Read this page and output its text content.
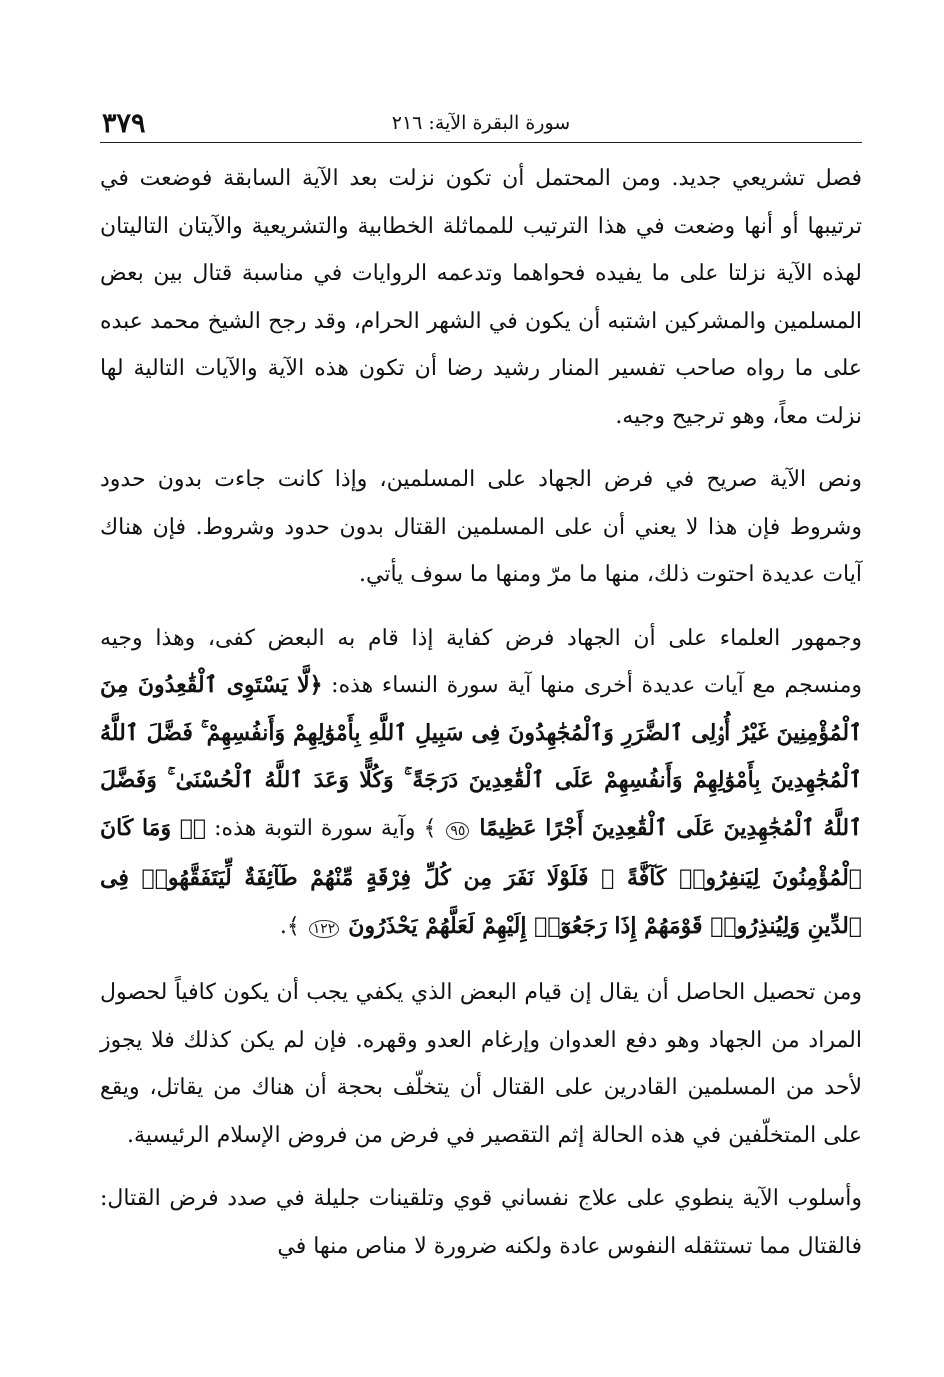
٣٧٩	سورة البقرة الآية: ٢١٦

فصل تشريعي جديد. ومن المحتمل أن تكون نزلت بعد الآية السابقة فوضعت في ترتيبها أو أنها وضعت في هذا الترتيب للمماثلة الخطابية والتشريعية والآيتان التاليتان لهذه الآية نزلتا على ما يفيده فحواهما وتدعمه الروايات في مناسبة قتال بين بعض المسلمين والمشركين اشتبه أن يكون في الشهر الحرام، وقد رجح الشيخ محمد عبده على ما رواه صاحب تفسير المنار رشيد رضا أن تكون هذه الآية والآيات التالية لها نزلت معاً، وهو ترجيح وجيه.

ونص الآية صريح في فرض الجهاد على المسلمين، وإذا كانت جاءت بدون حدود وشروط فإن هذا لا يعني أن على المسلمين القتال بدون حدود وشروط. فإن هناك آيات عديدة احتوت ذلك، منها ما مرّ ومنها ما سوف يأتي.

وجمهور العلماء على أن الجهاد فرض كفاية إذا قام به البعض كفى، وهذا وجيه ومنسجم مع آيات عديدة أخرى منها آية سورة النساء هذه: ﴿لَّا يَسْتَوِى ٱلْقَٰعِدُونَ مِنَ ٱلْمُؤْمِنِينَ غَيْرُ أُو۟لِى ٱلضَّرَرِ وَٱلْمُجَٰهِدُونَ فِى سَبِيلِ ٱللَّهِ بِأَمْوَٰلِهِمْ وَأَنفُسِهِمْ ۚ فَضَّلَ ٱللَّهُ ٱلْمُجَٰهِدِينَ بِأَمْوَٰلِهِمْ وَأَنفُسِهِمْ عَلَى ٱلْقَٰعِدِينَ دَرَجَةً ۚ وَكُلًّا وَعَدَ ٱللَّهُ ٱلْحُسْنَىٰ ۚ وَفَضَّلَ ٱللَّهُ ٱلْمُجَٰهِدِينَ عَلَى ٱلْقَٰعِدِينَ أَجْرًا عَظِيمًا ٩٥ ﴾ وآية سورة التوبة هذه: ﴿۞ وَمَا كَانَ ٱلْمُؤْمِنُونَ لِيَنفِرُوا۟ كَآفَّةً ۚ فَلَوْلَا نَفَرَ مِن كُلِّ فِرْقَةٍ مِّنْهُمْ طَآئِفَةٌ لِّيَتَفَقَّهُوا۟ فِى ٱلدِّينِ وَلِيُنذِرُوا۟ قَوْمَهُمْ إِذَا رَجَعُوٓا۟ إِلَيْهِمْ لَعَلَّهُمْ يَحْذَرُونَ ١٢٢ ﴾.

ومن تحصيل الحاصل أن يقال إن قيام البعض الذي يكفي يجب أن يكون كافياً لحصول المراد من الجهاد وهو دفع العدوان وإرغام العدو وقهره. فإن لم يكن كذلك فلا يجوز لأحد من المسلمين القادرين على القتال أن يتخلّف بحجة أن هناك من يقاتل، ويقع على المتخلّفين في هذه الحالة إثم التقصير في فرض من فروض الإسلام الرئيسية.

وأسلوب الآية ينطوي على علاج نفساني قوي وتلقينات جليلة في صدد فرض القتال: فالقتال مما تستثقله النفوس عادة ولكنه ضرورة لا مناص منها في
